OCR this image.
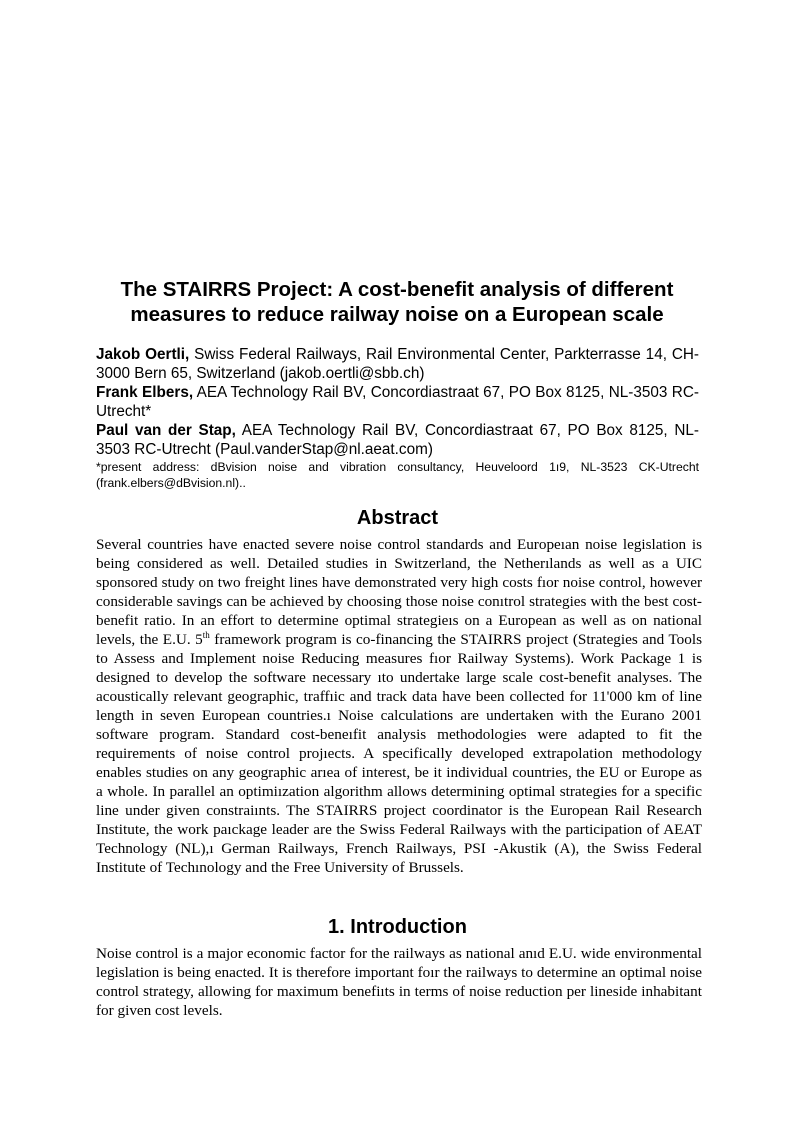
The STAIRRS Project: A cost-benefit analysis of different
measures to reduce railway noise on a European scale

Jakob Oertli, Swiss Federal Railways, Rail Environmental Center, Parkterrasse 14, CH-3000 Bern 65, Switzerland (jakob.oertli@sbb.ch)

Frank Elbers, AEA Technology Rail BV, Concordiastraat 67, PO Box 8125, NL-3503 RC-Utrecht*

Paul van der Stap, AEA Technology Rail BV, Concordiastraat 67, PO Box 8125, NL-3503 RC-Utrecht (Paul.vanderStap@nl.aeat.com)

*present address: dBvision noise and vibration consultancy, Heuveloord 1ı9, NL-3523 CK-Utrecht (frank.elbers@dBvision.nl)..

Abstract

Several countries have enacted severe noise control standards and Europeıan noise legislation is being considered as well. Detailed studies in Switzerland, the Netherılands as well as a UIC sponsored study on two freight lines have demonstrated very high costs fıor noise control, however considerable savings can be achieved by choosing those noise conıtrol strategies with the best cost-benefit ratio. In an effort to determine optimal strategieıs on a European as well as on national levels, the E.U. 5th framework program is co-financing the STAIRRS project (Strategies and Tools to Assess and Implement noise Reducing measures fıor Railway Systems). Work Package 1 is designed to develop the software necessary ıto undertake large scale cost-benefit analyses. The acoustically relevant geographic, traffıic and track data have been collected for 11'000 km of line length in seven European countries.ı Noise calculations are undertaken with the Eurano 2001 software program. Standard cost-beneıfit analysis methodologies were adapted to fit the requirements of noise control projıects. A specifically developed extrapolation methodology enables studies on any geographic arıea of interest, be it individual countries, the EU or Europe as a whole. In parallel an optimiızation algorithm allows determining optimal strategies for a specific line under given constraiınts. The STAIRRS project coordinator is the European Rail Research Institute, the work paıckage leader are the Swiss Federal Railways with the participation of AEAT Technology (NL),ı German Railways, French Railways, PSI -Akustik (A), the Swiss Federal Institute of Techınology and the Free University of Brussels.

1. Introduction

Noise control is a major economic factor for the railways as national anıd E.U. wide environmental legislation is being enacted. It is therefore important foır the railways to determine an optimal noise control strategy, allowing for maximum benefiıts in terms of noise reduction per lineside inhabitant for given cost levels.
